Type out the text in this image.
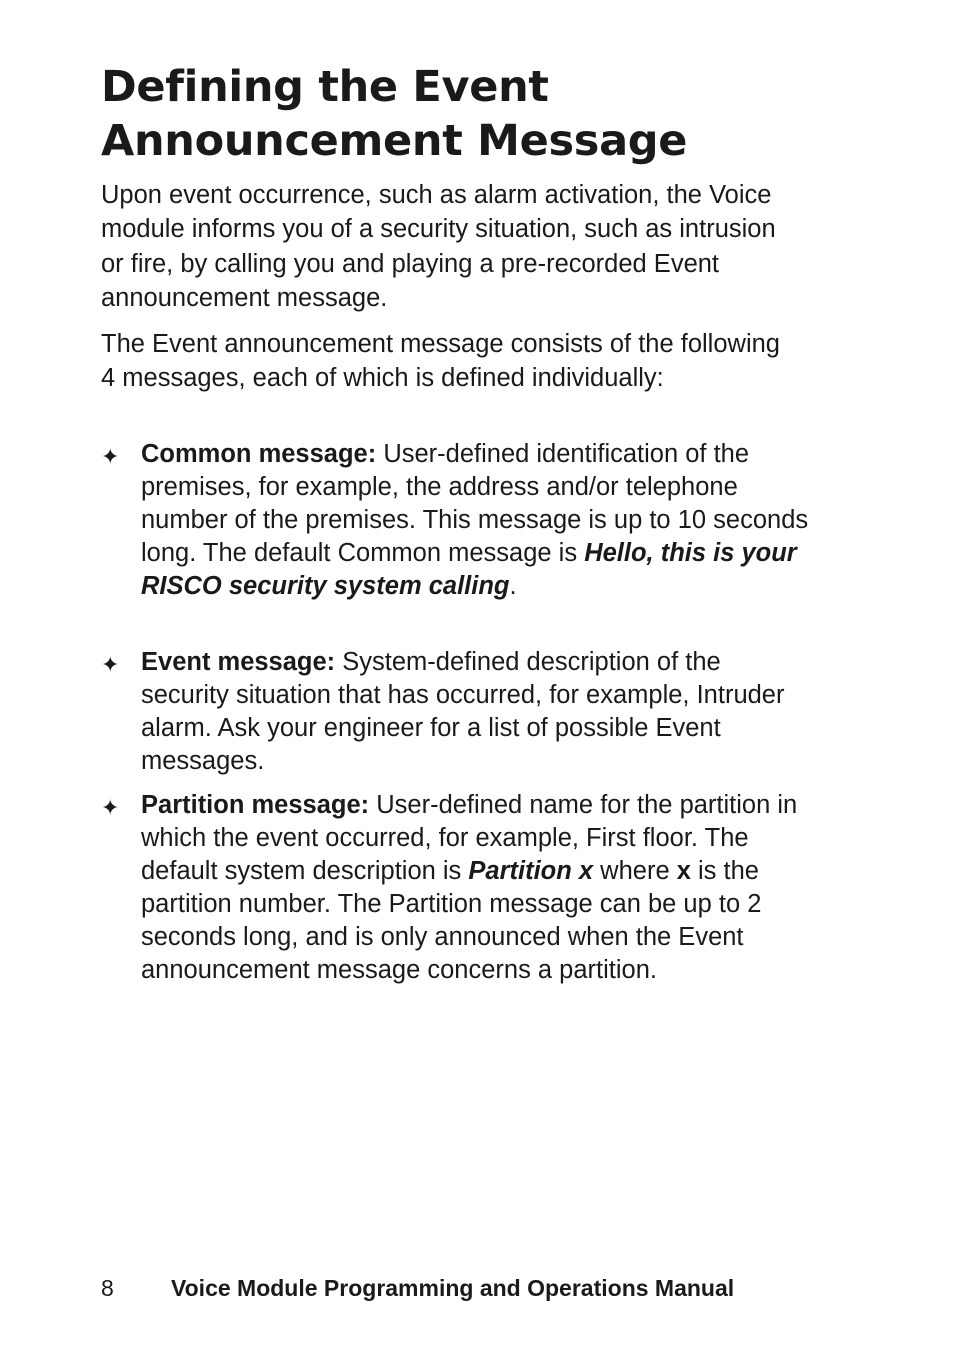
Defining the Event
Announcement Message

Upon event occurrence, such as alarm activation, the Voice module informs you of a security situation, such as intrusion or fire, by calling you and playing a pre-recorded Event announcement message.

The Event announcement message consists of the following 4 messages, each of which is defined individually:

✦ Common message: User-defined identification of the premises, for example, the address and/or telephone number of the premises. This message is up to 10 seconds long. The default Common message is Hello, this is your RISCO security system calling.
✦ Event message: System-defined description of the security situation that has occurred, for example, Intruder alarm. Ask your engineer for a list of possible Event messages.
✦ Partition message: User-defined name for the partition in which the event occurred, for example, First floor. The default system description is Partition x where x is the partition number. The Partition message can be up to 2 seconds long, and is only announced when the Event announcement message concerns a partition.
8 Voice Module Programming and Operations Manual
